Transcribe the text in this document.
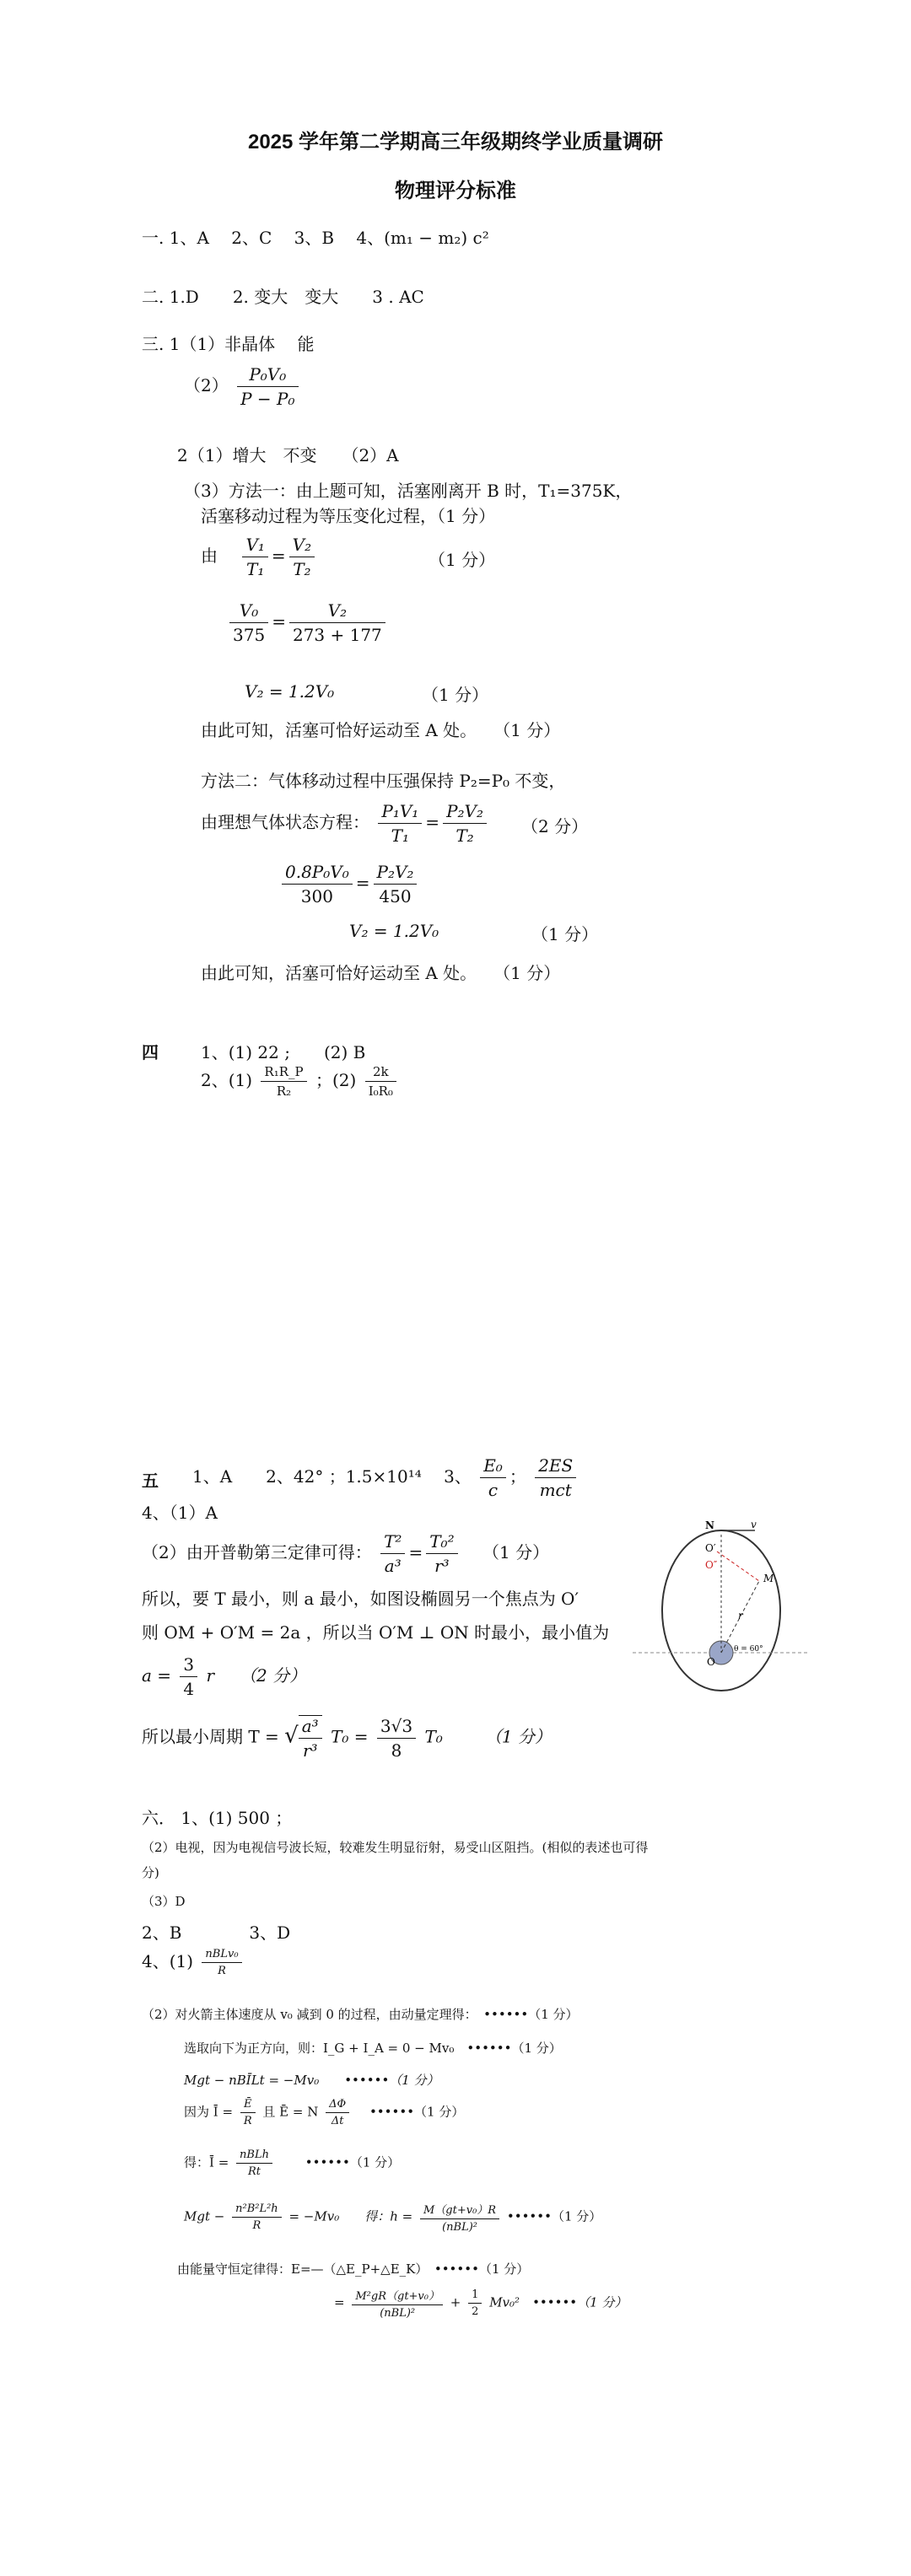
2025 学年第二学期高三年级期终学业质量调研
物理评分标准
一. 1、A　 2、C　 3、B　 4、(m₁ − m₂) c²
二. 1.D　　2. 变大　变大　　3 . AC
三. 1（1）非晶体　 能
$(2) \frac{\text{P₀V₀}}{\text{P − P₀}}$
2（1）增大　不变　　（2）A
（3）方法一：由上题可知，活塞刚离开 B 时，T₁=375K，
活塞移动过程为等压变化过程，（1 分）
由 $\frac{\text{V₁}}{\text{T₁}} = \frac{\text{V₂}}{\text{T₂}}$	（1 分）
$\frac{\text{V₀}}{375} = \frac{\text{V₂}}{273 + 177}$
V₂ = 1.2V₀	（1 分）
由此可知，活塞可恰好运动至 A 处。　　（1 分）
方法二：气体移动过程中压强保持 P₂=P₀ 不变，
由理想气体状态方程： $\frac{\text{P₁V₁}}{\text{T₁}} = \frac{\text{P₂V₂}}{\text{T₂}} (2$ 分）
$\frac{\text{0.8P₀V₀}}{300} = \frac{\text{P₂V₂}}{450}$
V₂ = 1.2V₀	（1 分）
由此可知，活塞可恰好运动至 A 处。　　（1 分）
四	1、(1) 22 ;　　(2) B
2、$(1) \frac{\text{R₁R\_P}}{\text{R₂}}$ ；$(2) \frac{2k}{\text{I₀R₀}}$
五 1、A　　2、42° ；1.5×10¹⁴　 3、 $\frac{\text{E₀}}{c}$ ； $\frac{2ES}{\text{mct}}$
4、（1）A
（2）由开普勒第三定律可得： $\frac{\text{T²}}{\text{a³}} = \frac{\text{T₀²}}{\text{r³}} (1$ 分）
所以，要 T 最小，则 a 最小，如图设椭圆另一个焦点为 O′
则 OM + O′M = 2a ，所以当 O′M ⊥ ON 时最小，最小值为
$a = \frac{3}{4}$ r　　（2 分）
所以最小周期 T = √ $\frac{\text{a³}}{\text{r³}} T_0 = \frac{3√3}{8} T_0$　　　（1 分）
N	v
O′
O″
M
r
O
θ = 60°
六． 1、(1) 500 ；
（2）电视，因为电视信号波长短，较难发生明显衍射，易受山区阻挡。(相似的表述也可得
分)
（3）D
2、B　　　　3、D
4、$(1) \frac{\text{nBLv₀}}{R}$
（2）对火箭主体速度从 v₀ 减到 0 的过程，由动量定理得：　••••••（1 分）
选取向下为正方向，则：I_G + I_A = 0 − Mv₀　••••••（1 分）
Mgt − nBĪLt = −Mv₀　　••••••（1 分）
因为 Ī = $\frac{Ē}{R}$ 且 Ē = N $\frac{\Delta\Phi}{\Delta t}$ 　••••••（1 分）
得：Ī = $\frac{\text{nBLh}}{Rt}$ 　　••••••（1 分）
Mgt − $\frac{\text{n²B²L²h}}{R} = -Mv_0$　　得：$h = \frac{\text{M（gt+v₀）R}}{\text{(nBL)²}}$ ••••••（1 分）
由能量守恒定律得：E=—（△E_P+△E_K）　••••••（1 分）
= $\frac{\text{M²gR（gt+v₀）}}{\text{(nBL)²}} + \frac{1}{2} Mv_0^2$　••••••（1 分）
